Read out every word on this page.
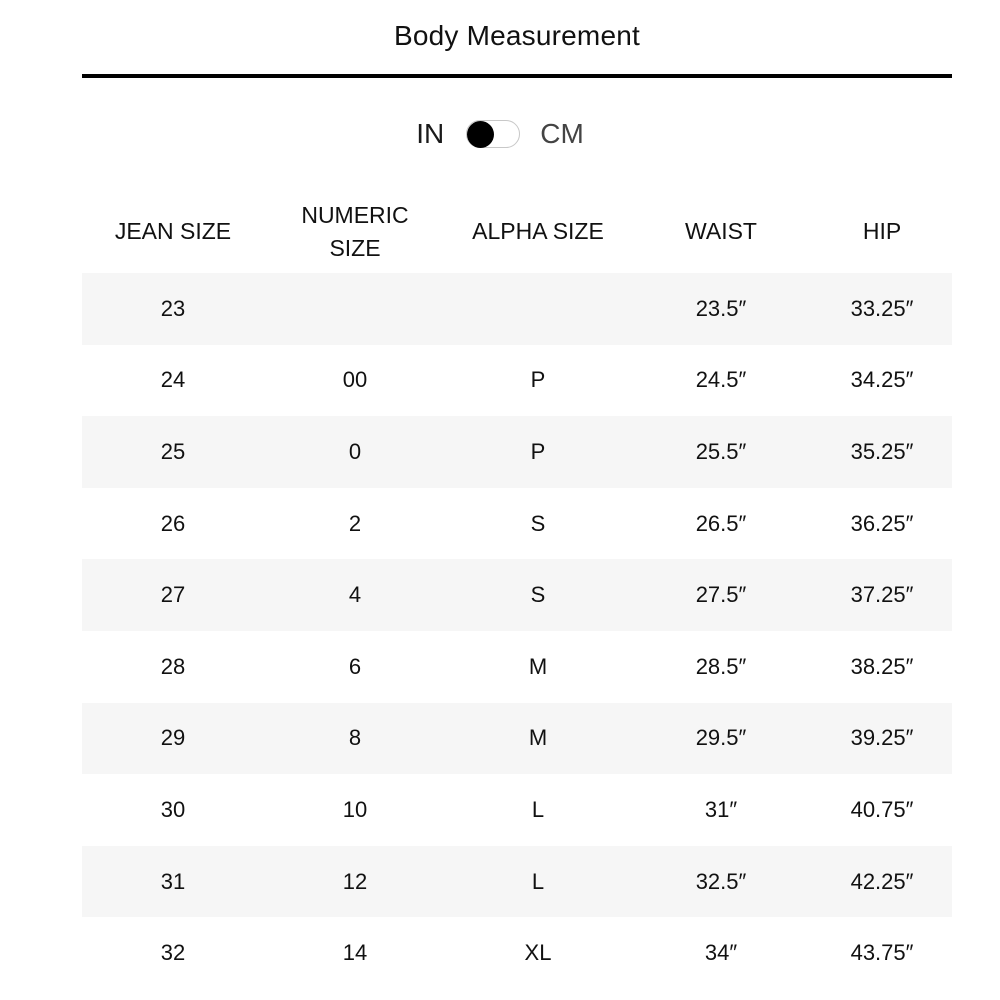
Body Measurement
IN	CM
JEAN SIZE	NUMERIC SIZE	ALPHA SIZE	WAIST	HIP
23			23.5″	33.25″
24	00	P	24.5″	34.25″
25	0	P	25.5″	35.25″
26	2	S	26.5″	36.25″
27	4	S	27.5″	37.25″
28	6	M	28.5″	38.25″
29	8	M	29.5″	39.25″
30	10	L	31″	40.75″
31	12	L	32.5″	42.25″
32	14	XL	34″	43.75″
